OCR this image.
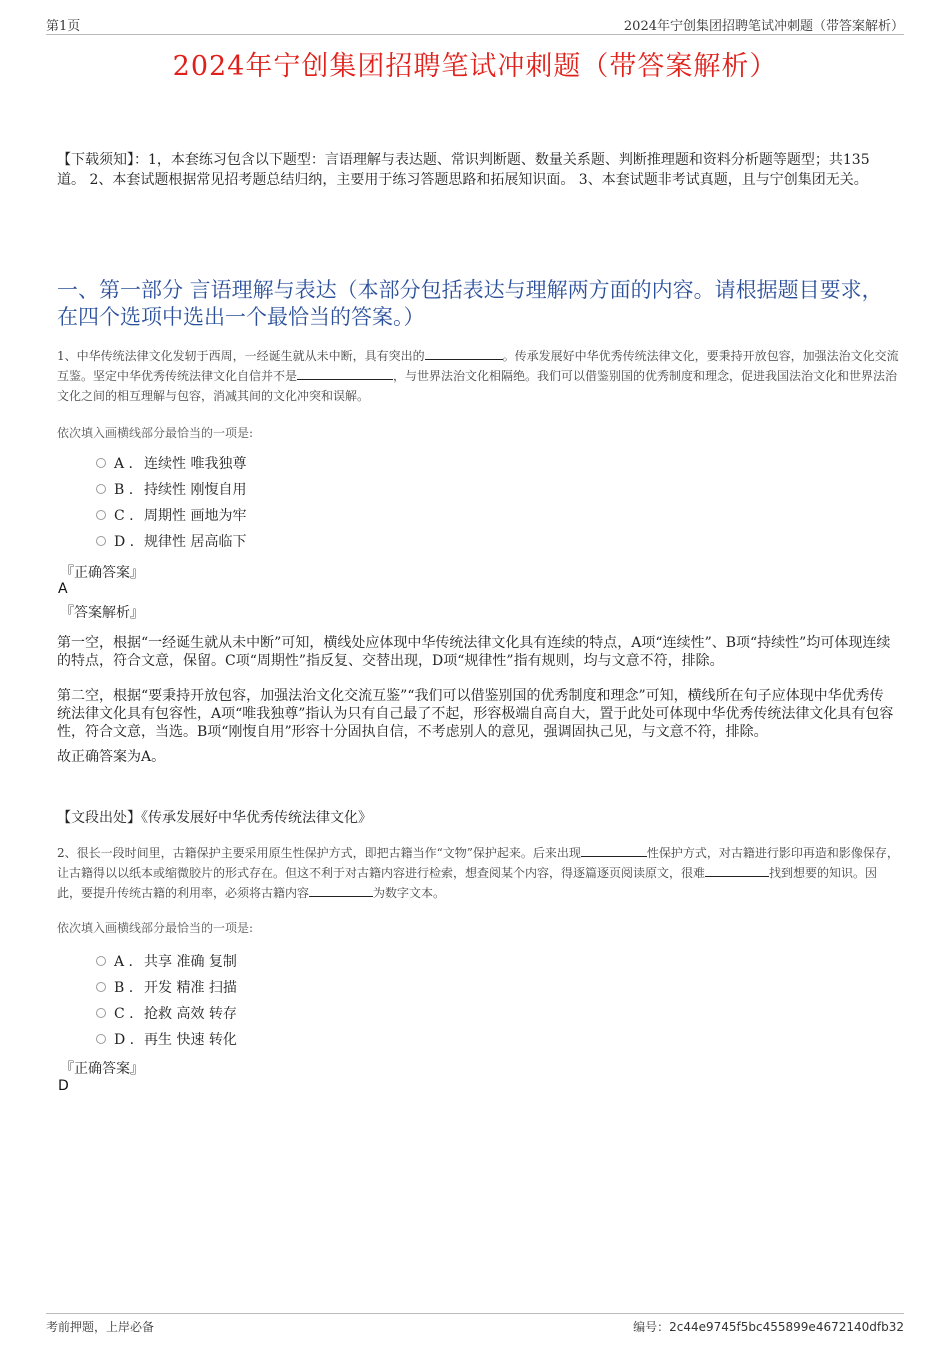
第1页	2024年宁创集团招聘笔试冲刺题（带答案解析）
2024年宁创集团招聘笔试冲刺题（带答案解析）
【下载须知】：1，本套练习包含以下题型：言语理解与表达题、常识判断题、数量关系题、判断推理题和资料分析题等题型；共135道。 2、本套试题根据常见招考题总结归纳，主要用于练习答题思路和拓展知识面。 3、本套试题非考试真题，且与宁创集团无关。
一、第一部分 言语理解与表达（本部分包括表达与理解两方面的内容。请根据题目要求，在四个选项中选出一个最恰当的答案。）
1、中华传统法律文化发轫于西周，一经诞生就从未中断，具有突出的	。传承发展好中华优秀传统法律文化，要秉持开放包容，加强法治文化交流互鉴。坚定中华优秀传统法律文化自信并不是	，与世界法治文化相隔绝。我们可以借鉴别国的优秀制度和理念，促进我国法治文化和世界法治文化之间的相互理解与包容，消减其间的文化冲突和误解。
依次填入画横线部分最恰当的一项是:
A . 连续性 唯我独尊
B . 持续性 刚愎自用
C . 周期性 画地为牢
D . 规律性 居高临下
『正确答案』
A
『答案解析』
第一空，根据“一经诞生就从未中断”可知，横线处应体现中华传统法律文化具有连续的特点，A项“连续性”、B项“持续性”均可体现连续的特点，符合文意，保留。C项“周期性”指反复、交替出现，D项“规律性”指有规则，均与文意不符，排除。
第二空，根据“要秉持开放包容，加强法治文化交流互鉴”“我们可以借鉴别国的优秀制度和理念”可知，横线所在句子应体现中华优秀传统法律文化具有包容性，A项“唯我独尊”指认为只有自己最了不起，形容极端自高自大，置于此处可体现中华优秀传统法律文化具有包容性，符合文意，当选。B项“刚愎自用”形容十分固执自信，不考虑别人的意见，强调固执己见，与文意不符，排除。
故正确答案为A。
【文段出处】《传承发展好中华优秀传统法律文化》
2、很长一段时间里，古籍保护主要采用原生性保护方式，即把古籍当作“文物”保护起来。后来出现	性保护方式，对古籍进行影印再造和影像保存，让古籍得以以纸本或缩微胶片的形式存在。但这不利于对古籍内容进行检索，想查阅某个内容，得逐篇逐页阅读原文，很难	找到想要的知识。因此，要提升传统古籍的利用率，必须将古籍内容	为数字文本。
依次填入画横线部分最恰当的一项是:
A . 共享 准确 复制
B . 开发 精准 扫描
C . 抢救 高效 转存
D . 再生 快速 转化
『正确答案』
D
考前押题，上岸必备	编号：2c44e9745f5bc455899e4672140dfb32
